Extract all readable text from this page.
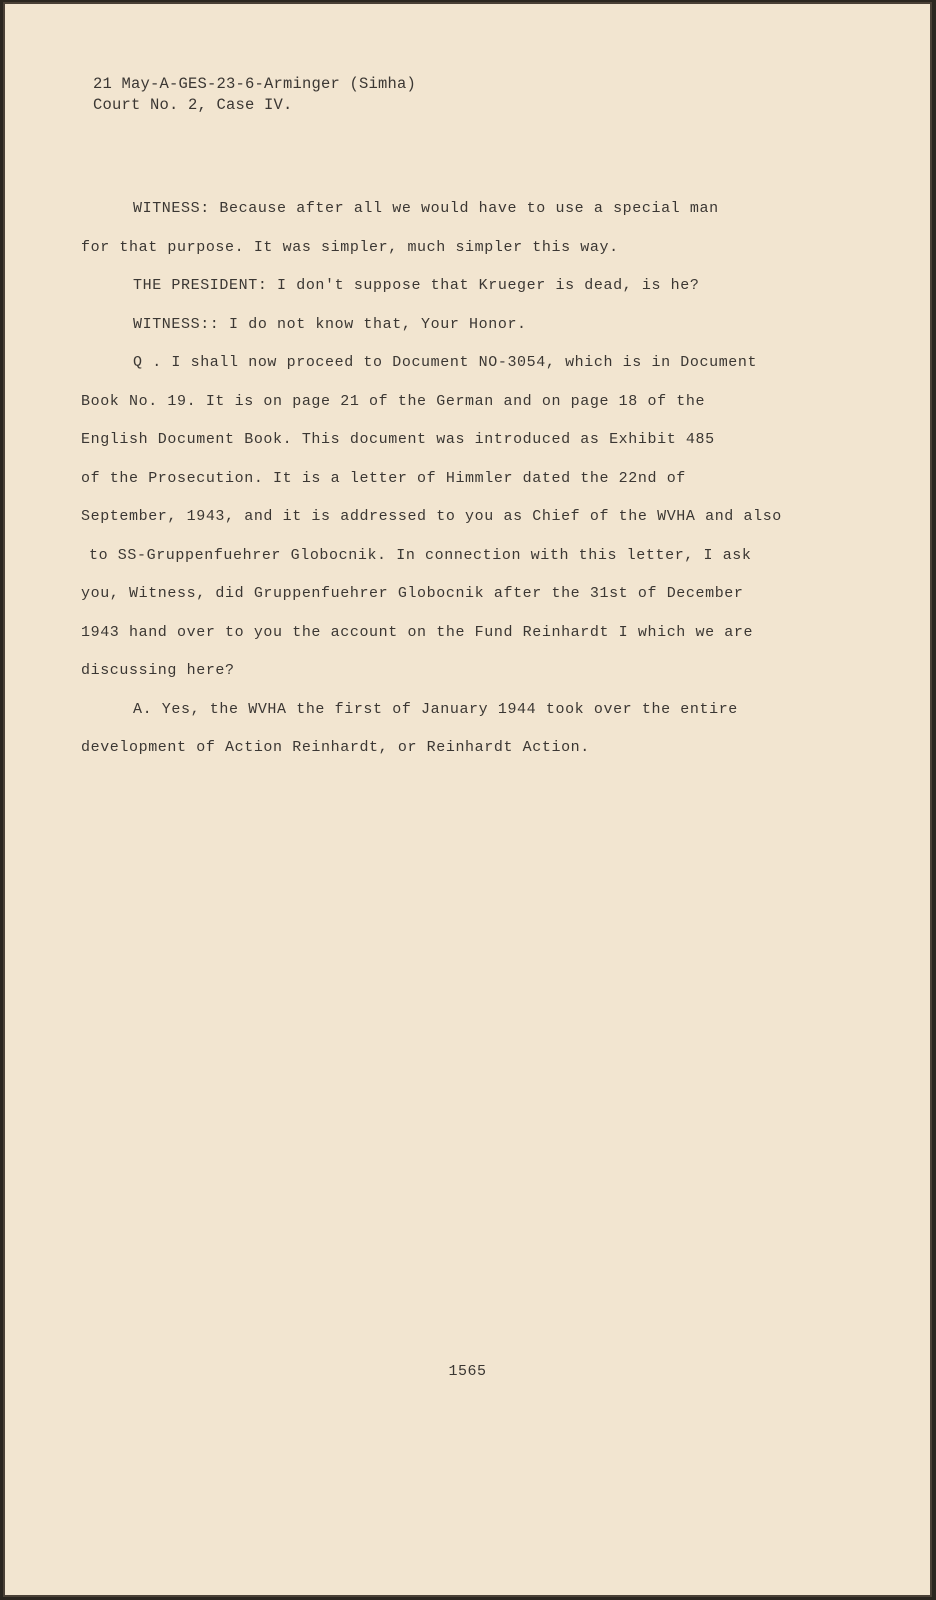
21 May-A-GES-23-6-Arminger (Simha)
Court No. 2, Case IV.
WITNESS: Because after all we would have to use a special man
for that purpose. It was simpler, much simpler this way.
THE PRESIDENT: I don't suppose that Krueger is dead, is he?
WITNESS:: I do not know that, Your Honor.
Q . I shall now proceed to Document NO-3054, which is in Document
Book No. 19. It is on page 21 of the German and on page 18 of the
English Document Book. This document was introduced as Exhibit 485
of the Prosecution. It is a letter of Himmler dated the 22nd of
September, 1943, and it is addressed to you as Chief of the WVHA and also
to SS-Gruppenfuehrer Globocnik. In connection with this letter, I ask
you, Witness, did Gruppenfuehrer Globocnik after the 31st of December
1943 hand over to you the account on the Fund Reinhardt I which we are
discussing here?
A. Yes, the WVHA the first of January 1944 took over the entire
development of Action Reinhardt, or Reinhardt Action.
1565
